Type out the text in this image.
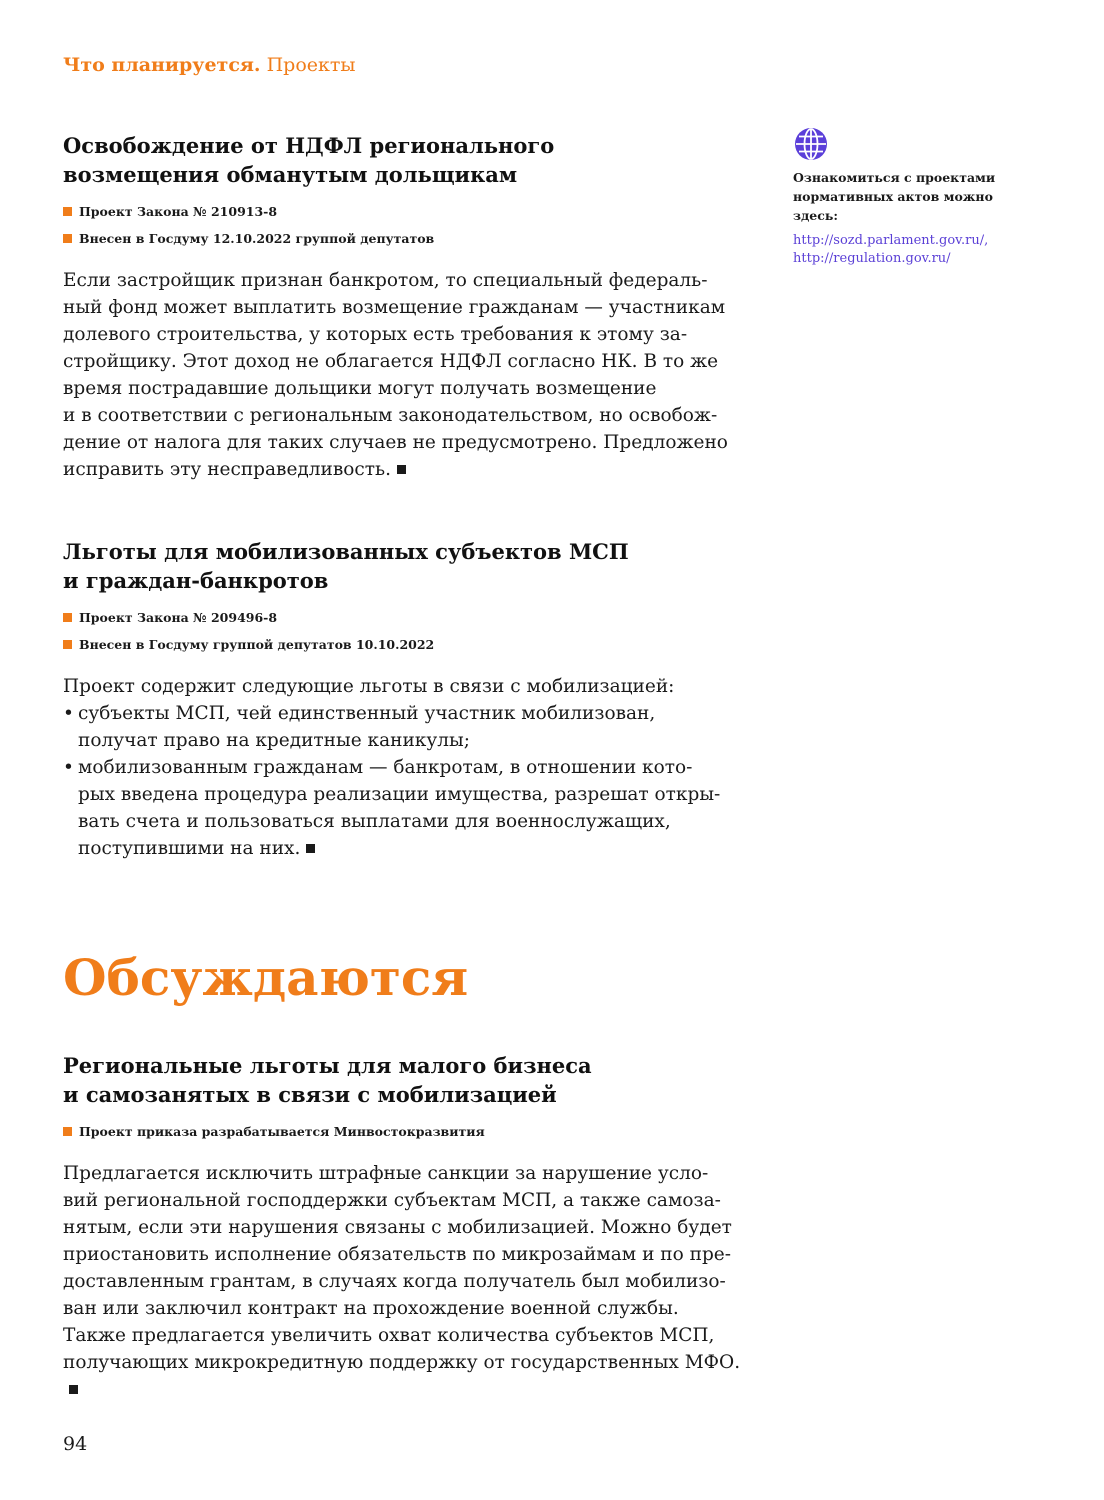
Что планируется. Проекты
Освобождение от НДФЛ регионального
возмещения обманутым дольщикам
Проект Закона № 210913-8
Внесен в Госдуму 12.10.2022 группой депутатов

Если застройщик признан банкротом, то специальный федераль-
ный фонд может выплатить возмещение гражданам — участникам
долевого строительства, у которых есть требования к этому за-
стройщику. Этот доход не облагается НДФЛ согласно НК. В то же
время пострадавшие дольщики могут получать возмещение
и в соответствии с региональным законодательством, но освобож-
дение от налога для таких случаев не предусмотрено. Предложено
исправить эту несправедливость.

Льготы для мобилизованных субъектов МСП
и граждан-банкротов
Проект Закона № 209496-8
Внесен в Госдуму группой депутатов 10.10.2022

Проект содержит следующие льготы в связи с мобилизацией:

• субъекты МСП, чей единственный участник мобилизован,
получат право на кредитные каникулы;
• мобилизованным гражданам — банкротам, в отношении кото-
рых введена процедура реализации имущества, разрешат откры-
вать счета и пользоваться выплатами для военнослужащих,
поступившими на них.
Региональные льготы для малого бизнеса
и самозанятых в связи с мобилизацией
Проект приказа разрабатывается Минвостокразвития

Предлагается исключить штрафные санкции за нарушение усло-
вий региональной господдержки субъектам МСП, а также самоза-
нятым, если эти нарушения связаны с мобилизацией. Можно будет
приостановить исполнение обязательств по микрозаймам и по пре-
доставленным грантам, в случаях когда получатель был мобилизо-
ван или заключил контракт на прохождение военной службы.
Также предлагается увеличить охват количества субъектов МСП,
получающих микрокредитную поддержку от государственных МФО.

Обсуждаются
Ознакомиться с проектами
нормативных актов можно
здесь:
http://sozd.parlament.gov.ru/,
http://regulation.gov.ru/
94
